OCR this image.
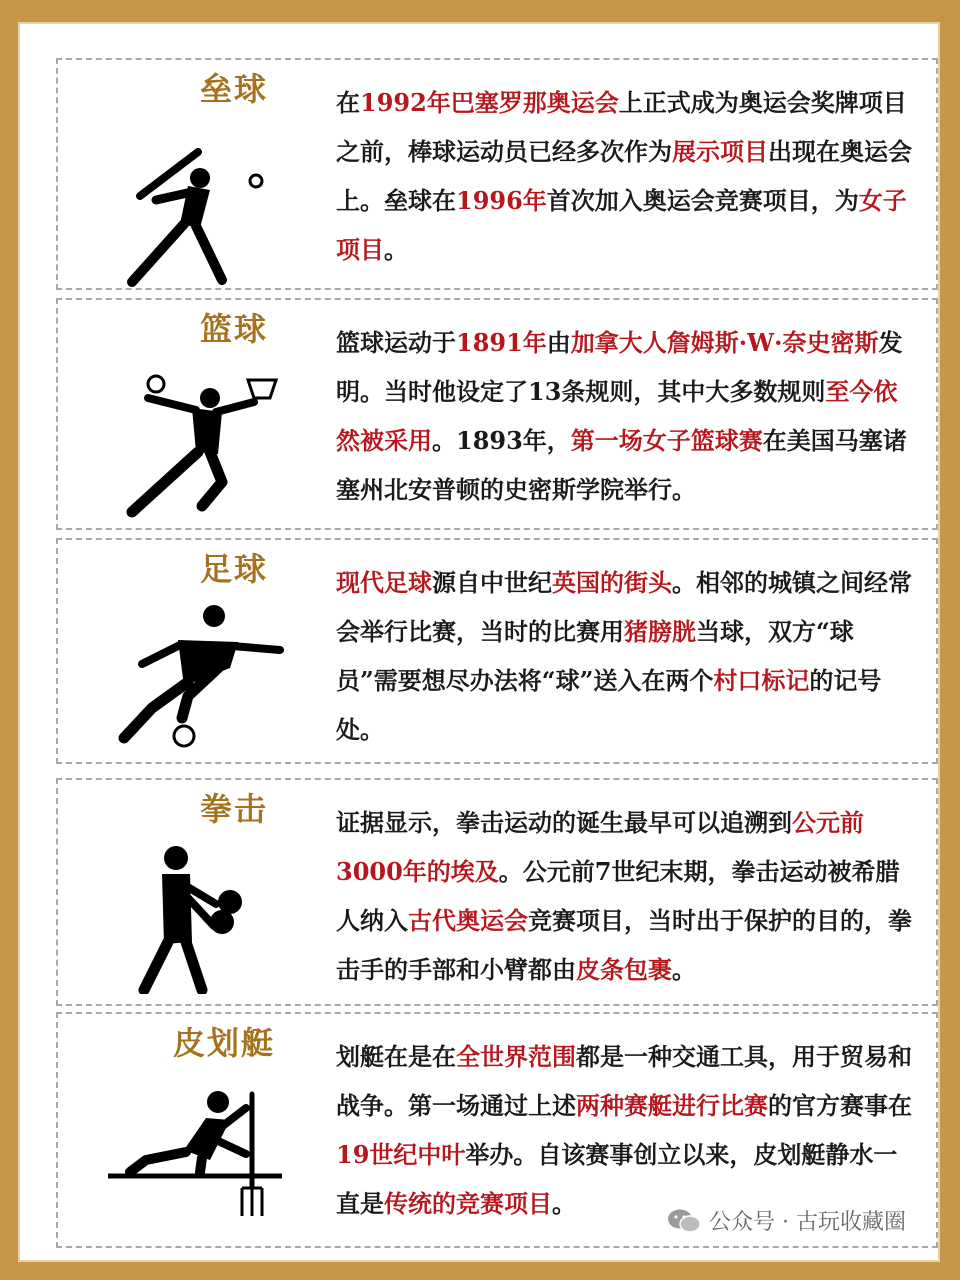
垒球	在1992年巴塞罗那奥运会上正式成为奥运会奖牌项目之前，棒球运动员已经多次作为展示项目出现在奥运会上。垒球在1996年首次加入奥运会竞赛项目，为女子项目。
篮球	篮球运动于1891年由加拿大人詹姆斯·W·奈史密斯发明。当时他设定了13条规则，其中大多数规则至今依然被采用。1893年，第一场女子篮球赛在美国马塞诸塞州北安普顿的史密斯学院举行。
足球	现代足球源自中世纪英国的街头。相邻的城镇之间经常会举行比赛，当时的比赛用猪膀胱当球，双方“球员”需要想尽办法将“球”送入在两个村口标记的记号处。
拳击	证据显示，拳击运动的诞生最早可以追溯到公元前3000年的埃及。公元前7世纪末期，拳击运动被希腊人纳入古代奥运会竞赛项目，当时出于保护的目的，拳击手的手部和小臂都由皮条包裹。
皮划艇	划艇在是在全世界范围都是一种交通工具，用于贸易和战争。第一场通过上述两种赛艇进行比赛的官方赛事在19世纪中叶举办。自该赛事创立以来，皮划艇静水一直是传统的竞赛项目。
公众号 · 古玩收藏圈
